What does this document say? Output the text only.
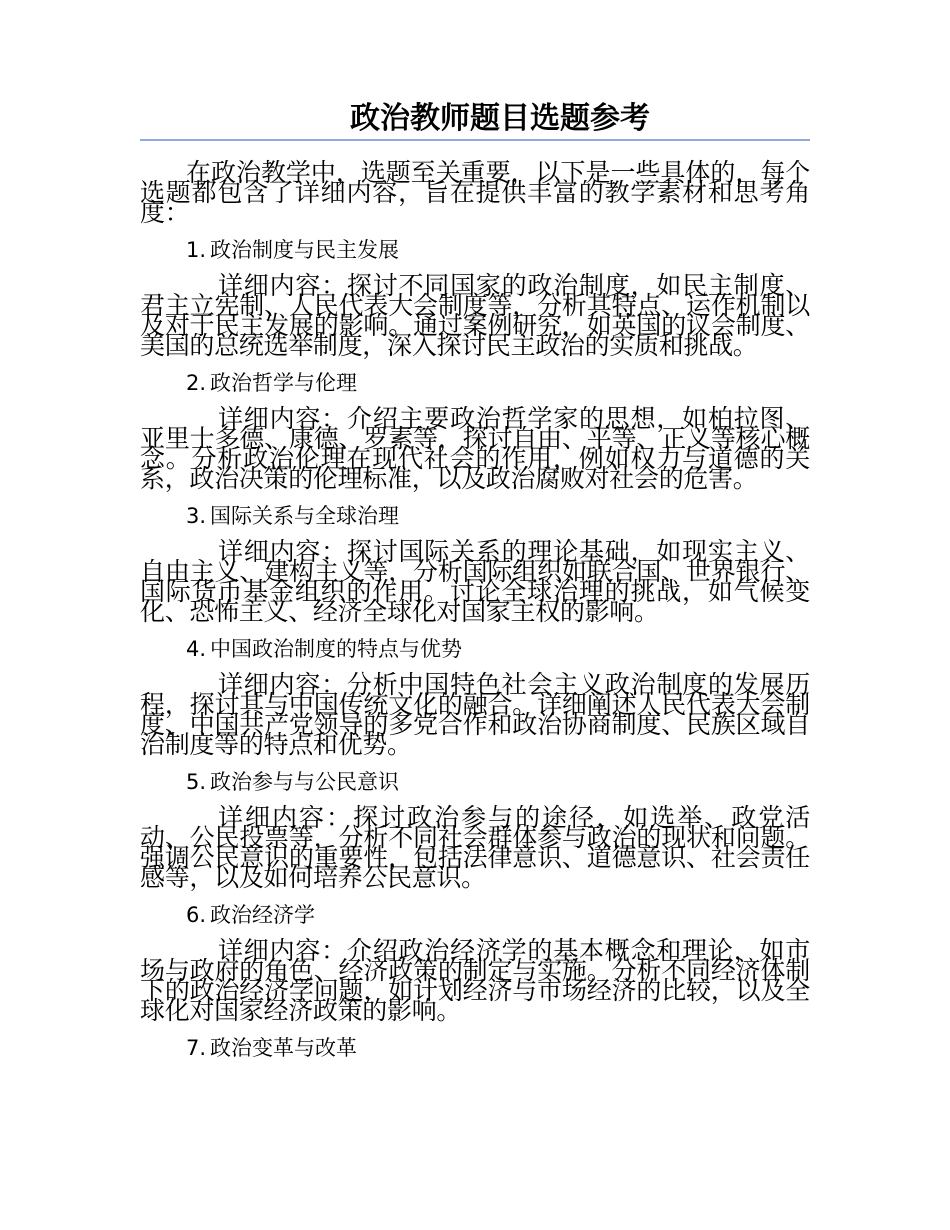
政治教师题目选题参考

在政治教学中，选题至关重要，以下是一些具体的，每个选题都包含了详细内容，旨在提供丰富的教学素材和思考角度：

1. 政治制度与民主发展

详细内容：探讨不同国家的政治制度，如民主制度、君主立宪制、人民代表大会制度等，分析其特点、运作机制以及对于民主发展的影响。通过案例研究，如英国的议会制度、美国的总统选举制度，深入探讨民主政治的实质和挑战。

2. 政治哲学与伦理

详细内容：介绍主要政治哲学家的思想，如柏拉图、亚里士多德、康德、罗素等，探讨自由、平等、正义等核心概念。分析政治伦理在现代社会的作用，例如权力与道德的关系，政治决策的伦理标准，以及政治腐败对社会的危害。

3. 国际关系与全球治理

详细内容：探讨国际关系的理论基础，如现实主义、自由主义、建构主义等，分析国际组织如联合国、世界银行、国际货币基金组织的作用。讨论全球治理的挑战，如气候变化、恐怖主义、经济全球化对国家主权的影响。

4. 中国政治制度的特点与优势

详细内容：分析中国特色社会主义政治制度的发展历程，探讨其与中国传统文化的融合。详细阐述人民代表大会制度、中国共产党领导的多党合作和政治协商制度、民族区域自治制度等的特点和优势。

5. 政治参与与公民意识

详细内容：探讨政治参与的途径，如选举、政党活动、公民投票等，分析不同社会群体参与政治的现状和问题。强调公民意识的重要性，包括法律意识、道德意识、社会责任感等，以及如何培养公民意识。

6. 政治经济学

详细内容：介绍政治经济学的基本概念和理论，如市场与政府的角色、经济政策的制定与实施。分析不同经济体制下的政治经济学问题，如计划经济与市场经济的比较，以及全球化对国家经济政策的影响。

7. 政治变革与改革
